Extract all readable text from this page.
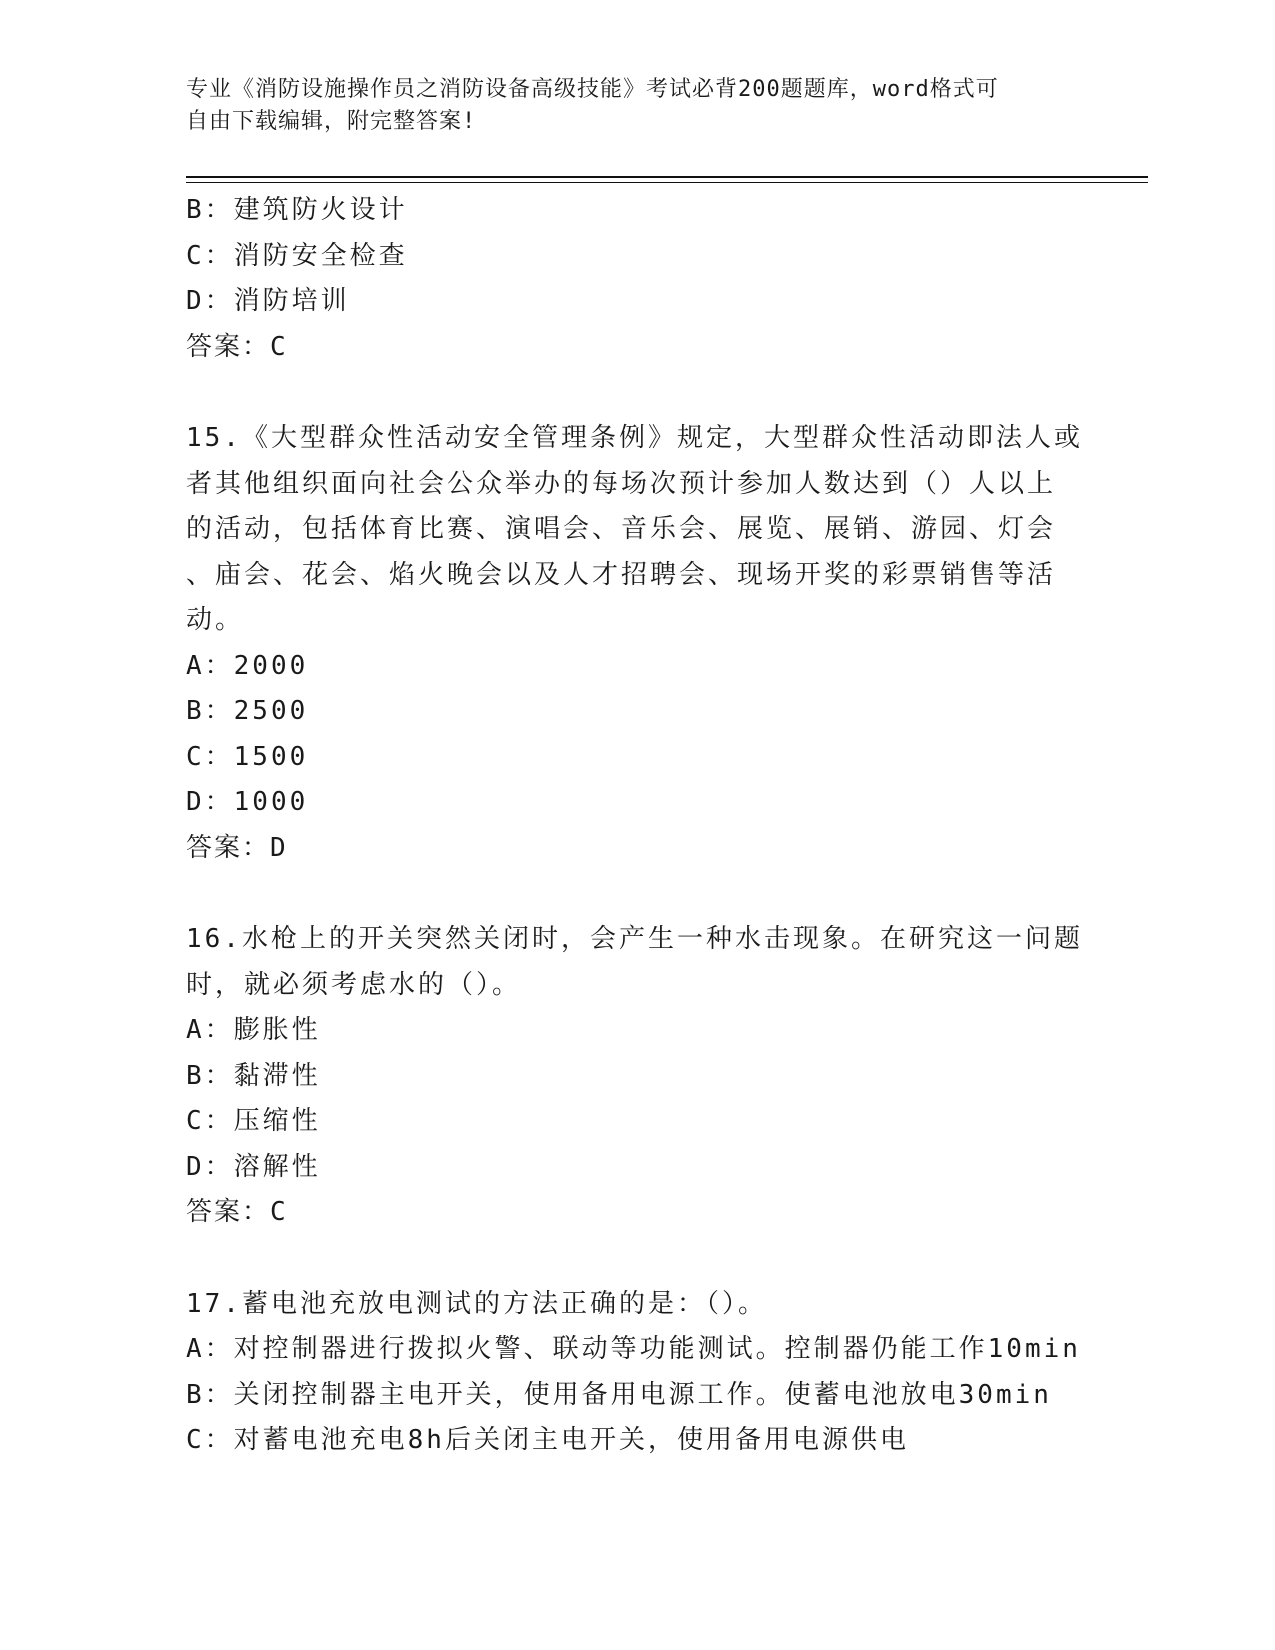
专业《消防设施操作员之消防设备高级技能》考试必背200题题库，word格式可
自由下载编辑，附完整答案!
B：建筑防火设计
C：消防安全检查
D：消防培训
答案：C
15.《大型群众性活动安全管理条例》规定，大型群众性活动即法人或
者其他组织面向社会公众举办的每场次预计参加人数达到（）人以上
的活动，包括体育比赛、演唱会、音乐会、展览、展销、游园、灯会
、庙会、花会、焰火晚会以及人才招聘会、现场开奖的彩票销售等活
动。
A：2000
B：2500
C：1500
D：1000
答案：D
16.水枪上的开关突然关闭时，会产生一种水击现象。在研究这一问题
时，就必须考虑水的（）。
A：膨胀性
B：黏滞性
C：压缩性
D：溶解性
答案：C
17.蓄电池充放电测试的方法正确的是：（）。
A：对控制器进行拨拟火警、联动等功能测试。控制器仍能工作10min
B：关闭控制器主电开关，使用备用电源工作。使蓄电池放电30min
C：对蓄电池充电8h后关闭主电开关，使用备用电源供电
